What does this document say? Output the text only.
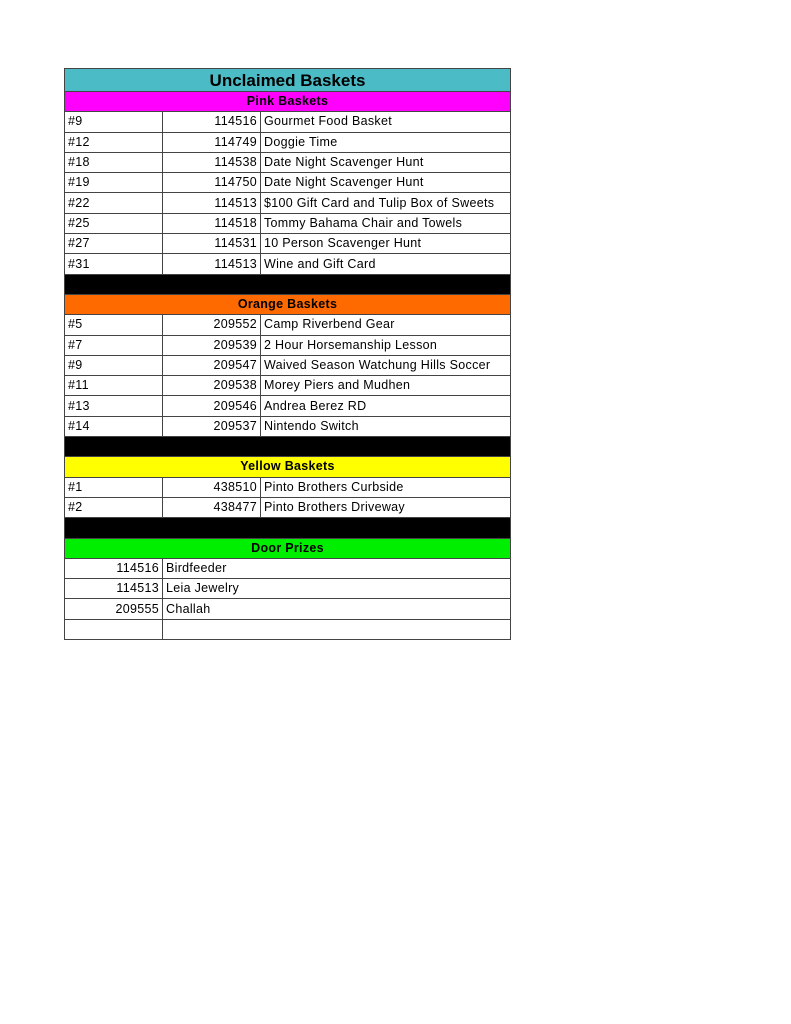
Unclaimed Baskets		
Pink Baskets		
#9	114516	Gourmet Food Basket
#12	114749	Doggie Time
#18	114538	Date Night Scavenger Hunt
#19	114750	Date Night Scavenger Hunt
#22	114513	$100 Gift Card and Tulip Box of Sweets
#25	114518	Tommy Bahama Chair and Towels
#27	114531	10 Person Scavenger Hunt
#31	114513	Wine and Gift Card

Orange Baskets		
#5	209552	Camp Riverbend Gear
#7	209539	2 Hour Horsemanship Lesson
#9	209547	Waived Season Watchung Hills Soccer
#11	209538	Morey Piers and Mudhen
#13	209546	Andrea Berez RD
#14	209537	Nintendo Switch

Yellow Baskets		
#1	438510	Pinto Brothers Curbside
#2	438477	Pinto Brothers Driveway

Door Prizes		
114516	Birdfeeder	
114513	Leia Jewelry	
209555	Challah	
